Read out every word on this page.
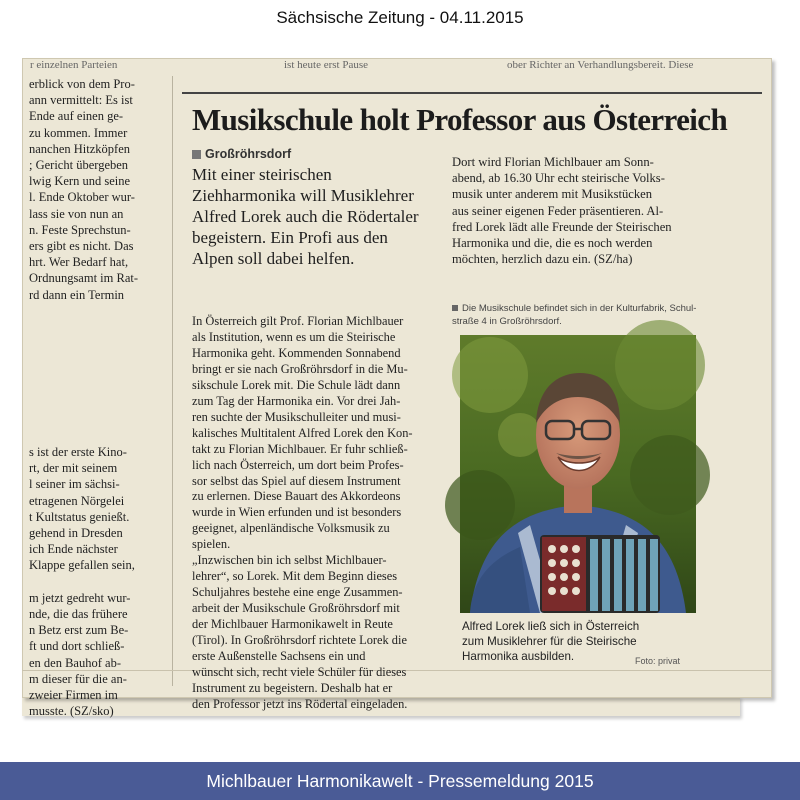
Sächsische Zeitung - 04.11.2015
r einzelnen Parteien	ist heute erst Pause	ober Richter an Verhandlungsbereit. Diese
erblick von dem Pro-
ann vermittelt: Es ist
Ende auf einen ge-
zu kommen. Immer
nanchen Hitzköpfen
; Gericht übergeben
lwig Kern und seine
l. Ende Oktober wur-
lass sie von nun an
n. Feste Sprechstun-
ers gibt es nicht. Das
hrt. Wer Bedarf hat,
Ordnungsamt im Rat-
rd dann ein Termin
s ist der erste Kino-
rt, der mit seinem
l seiner im sächsi-
etragenen Nörgelei
t Kultstatus genießt.
gehend in Dresden
ich Ende nächster
Klappe gefallen sein,

m jetzt gedreht wur-
nde, die das frühere
n Betz erst zum Be-
ft und dort schließ-
en den Bauhof ab-
m dieser für die an-
zweier Firmen im
musste. (SZ/sko)
Musikschule holt Professor aus Österreich
Großröhrsdorf
Mit einer steirischen
Ziehharmonika will Musiklehrer
Alfred Lorek auch die Rödertaler
begeistern. Ein Profi aus den
Alpen soll dabei helfen.
In Österreich gilt Prof. Florian Michlbauer
als Institution, wenn es um die Steirische
Harmonika geht. Kommenden Sonnabend
bringt er sie nach Großröhrsdorf in die Mu-
sikschule Lorek mit. Die Schule lädt dann
zum Tag der Harmonika ein. Vor drei Jah-
ren suchte der Musikschulleiter und musi-
kalisches Multitalent Alfred Lorek den Kon-
takt zu Florian Michlbauer. Er fuhr schließ-
lich nach Österreich, um dort beim Profes-
sor selbst das Spiel auf diesem Instrument
zu erlernen. Diese Bauart des Akkordeons
wurde in Wien erfunden und ist besonders
geeignet, alpenländische Volksmusik zu
spielen.
„Inzwischen bin ich selbst Michlbauer-
lehrer“, so Lorek. Mit dem Beginn dieses
Schuljahres bestehe eine enge Zusammen-
arbeit der Musikschule Großröhrsdorf mit
der Michlbauer Harmonikawelt in Reute
(Tirol). In Großröhrsdorf richtete Lorek die
erste Außenstelle Sachsens ein und
wünscht sich, recht viele Schüler für dieses
Instrument zu begeistern. Deshalb hat er
den Professor jetzt ins Rödertal eingeladen.
Dort wird Florian Michlbauer am Sonn-
abend, ab 16.30 Uhr echt steirische Volks-
musik unter anderem mit Musikstücken
aus seiner eigenen Feder präsentieren. Al-
fred Lorek lädt alle Freunde der Steirischen
Harmonika und die, die es noch werden
möchten, herzlich dazu ein. (SZ/ha)
Die Musikschule befindet sich in der Kulturfabrik, Schul-
straße 4 in Großröhrsdorf.
Alfred Lorek ließ sich in Österreich
zum Musiklehrer für die Steirische
Harmonika ausbilden.	Foto: privat
Michlbauer Harmonikawelt - Pressemeldung 2015
